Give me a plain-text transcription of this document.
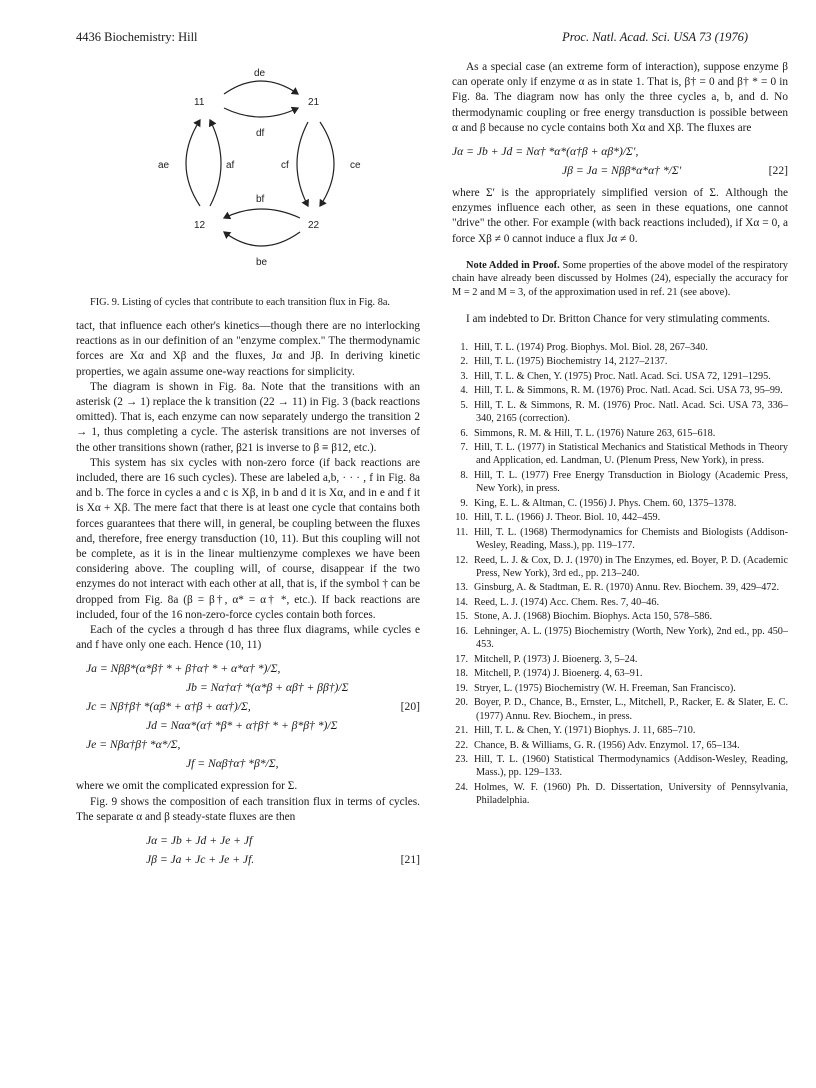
4436 Biochemistry: Hill	Proc. Natl. Acad. Sci. USA 73 (1976)
11	21
12	22
de
df
ae	af	cf	ce
bf
be
FIG. 9. Listing of cycles that contribute to each transition flux in Fig. 8a.

tact, that influence each other's kinetics—though there are no interlocking reactions as in our definition of an "enzyme complex." The thermodynamic forces are Xα and Xβ and the fluxes, Jα and Jβ. In deriving kinetic properties, we again assume one-way reactions for simplicity.

The diagram is shown in Fig. 8a. Note that the transitions with an asterisk (2 → 1) replace the k transition (22 → 11) in Fig. 3 (back reactions omitted). That is, each enzyme can now separately undergo the transition 2 → 1, thus completing a cycle. The asterisk transitions are not inverses of the other transitions shown (rather, β21 is inverse to β ≡ β12, etc.).

This system has six cycles with non-zero force (if back reactions are included, there are 16 such cycles). These are labeled a,b, · · · , f in Fig. 8a and b. The force in cycles a and c is Xβ, in b and d it is Xα, and in e and f it is Xα + Xβ. The mere fact that there is at least one cycle that contains both forces guarantees that there will, in general, be coupling between the fluxes and, therefore, free energy transduction (10, 11). But this coupling will not be complete, as it is in the linear multienzyme complexes we have been considering above. The coupling will, of course, disappear if the two enzymes do not interact with each other at all, that is, if the symbol † can be dropped from Fig. 8a (β = β†, α* = α† *, etc.). If back reactions are included, four of the 16 non-zero-force cycles contain both forces.

Each of the cycles a through d has three flux diagrams, while cycles e and f have only one each. Hence (10, 11)

Ja = Nββ*(α*β† * + β†α† * + α*α† *)/Σ,
Jb = Nα†α† *(α*β + αβ† + ββ†)/Σ
Jc = Nβ†β† *(αβ* + α†β + αα†)/Σ,	[20]
Jd = Nαα*(α† *β* + α†β† * + β*β† *)/Σ
Je = Nβα†β† *α*/Σ,
Jf = Nαβ†α† *β*/Σ,

where we omit the complicated expression for Σ.

Fig. 9 shows the composition of each transition flux in terms of cycles. The separate α and β steady-state fluxes are then

Jα = Jb + Jd + Je + Jf
Jβ = Ja + Jc + Je + Jf.	[21]

As a special case (an extreme form of interaction), suppose enzyme β can operate only if enzyme α as in state 1. That is, β† = 0 and β† * = 0 in Fig. 8a. The diagram now has only the three cycles a, b, and d. No thermodynamic coupling or free energy transduction is possible between α and β because no cycle contains both Xα and Xβ. The fluxes are

Jα = Jb + Jd = Nα† *α*(α†β + αβ*)/Σ′,
Jβ = Ja = Nββ*α*α† */Σ′	[22]

where Σ′ is the appropriately simplified version of Σ. Although the enzymes influence each other, as seen in these equations, one cannot "drive" the other. For example (with back reactions included), if Xα = 0, a force Xβ ≠ 0 cannot induce a flux Jα ≠ 0.

Note Added in Proof. Some properties of the above model of the respiratory chain have already been discussed by Holmes (24), especially the accuracy for M = 2 and M = 3, of the approximation used in ref. 21 (see above).

I am indebted to Dr. Britton Chance for very stimulating comments.

1. Hill, T. L. (1974) Prog. Biophys. Mol. Biol. 28, 267–340.
2. Hill, T. L. (1975) Biochemistry 14, 2127–2137.
3. Hill, T. L. & Chen, Y. (1975) Proc. Natl. Acad. Sci. USA 72, 1291–1295.
4. Hill, T. L. & Simmons, R. M. (1976) Proc. Natl. Acad. Sci. USA 73, 95–99.
5. Hill, T. L. & Simmons, R. M. (1976) Proc. Natl. Acad. Sci. USA 73, 336–340, 2165 (correction).
6. Simmons, R. M. & Hill, T. L. (1976) Nature 263, 615–618.
7. Hill, T. L. (1977) in Statistical Mechanics and Statistical Methods in Theory and Application, ed. Landman, U. (Plenum Press, New York), in press.
8. Hill, T. L. (1977) Free Energy Transduction in Biology (Academic Press, New York), in press.
9. King, E. L. & Altman, C. (1956) J. Phys. Chem. 60, 1375–1378.
10. Hill, T. L. (1966) J. Theor. Biol. 10, 442–459.
11. Hill, T. L. (1968) Thermodynamics for Chemists and Biologists (Addison-Wesley, Reading, Mass.), pp. 119–177.
12. Reed, L. J. & Cox, D. J. (1970) in The Enzymes, ed. Boyer, P. D. (Academic Press, New York), 3rd ed., pp. 213–240.
13. Ginsburg, A. & Stadtman, E. R. (1970) Annu. Rev. Biochem. 39, 429–472.
14. Reed, L. J. (1974) Acc. Chem. Res. 7, 40–46.
15. Stone, A. J. (1968) Biochim. Biophys. Acta 150, 578–586.
16. Lehninger, A. L. (1975) Biochemistry (Worth, New York), 2nd ed., pp. 450–453.
17. Mitchell, P. (1973) J. Bioenerg. 3, 5–24.
18. Mitchell, P. (1974) J. Bioenerg. 4, 63–91.
19. Stryer, L. (1975) Biochemistry (W. H. Freeman, San Francisco).
20. Boyer, P. D., Chance, B., Ernster, L., Mitchell, P., Racker, E. & Slater, E. C. (1977) Annu. Rev. Biochem., in press.
21. Hill, T. L. & Chen, Y. (1971) Biophys. J. 11, 685–710.
22. Chance, B. & Williams, G. R. (1956) Adv. Enzymol. 17, 65–134.
23. Hill, T. L. (1960) Statistical Thermodynamics (Addison-Wesley, Reading, Mass.), pp. 129–133.
24. Holmes, W. F. (1960) Ph. D. Dissertation, University of Pennsylvania, Philadelphia.
